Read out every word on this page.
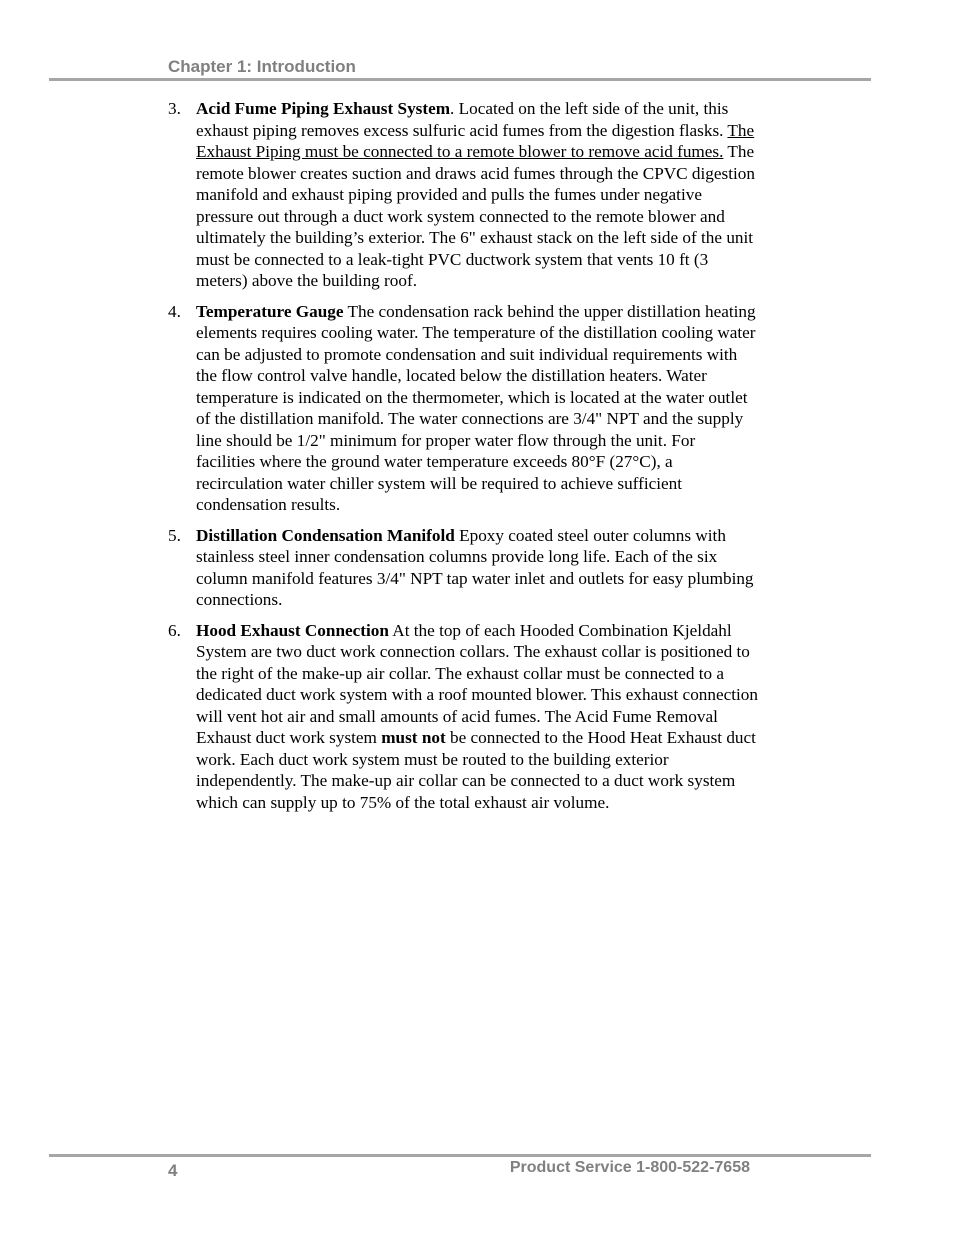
Chapter 1: Introduction
3. Acid Fume Piping Exhaust System. Located on the left side of the unit, this exhaust piping removes excess sulfuric acid fumes from the digestion flasks. The Exhaust Piping must be connected to a remote blower to remove acid fumes. The remote blower creates suction and draws acid fumes through the CPVC digestion manifold and exhaust piping provided and pulls the fumes under negative pressure out through a duct work system connected to the remote blower and ultimately the building’s exterior. The 6" exhaust stack on the left side of the unit must be connected to a leak-tight PVC ductwork system that vents 10 ft (3 meters) above the building roof.
4. Temperature Gauge The condensation rack behind the upper distillation heating elements requires cooling water. The temperature of the distillation cooling water can be adjusted to promote condensation and suit individual requirements with the flow control valve handle, located below the distillation heaters. Water temperature is indicated on the thermometer, which is located at the water outlet of the distillation manifold. The water connections are 3/4" NPT and the supply line should be 1/2" minimum for proper water flow through the unit. For facilities where the ground water temperature exceeds 80°F (27°C), a recirculation water chiller system will be required to achieve sufficient condensation results.
5. Distillation Condensation Manifold Epoxy coated steel outer columns with stainless steel inner condensation columns provide long life. Each of the six column manifold features 3/4" NPT tap water inlet and outlets for easy plumbing connections.
6. Hood Exhaust Connection At the top of each Hooded Combination Kjeldahl System are two duct work connection collars. The exhaust collar is positioned to the right of the make-up air collar. The exhaust collar must be connected to a dedicated duct work system with a roof mounted blower. This exhaust connection will vent hot air and small amounts of acid fumes. The Acid Fume Removal Exhaust duct work system must not be connected to the Hood Heat Exhaust duct work. Each duct work system must be routed to the building exterior independently. The make-up air collar can be connected to a duct work system which can supply up to 75% of the total exhaust air volume.
4	Product Service 1-800-522-7658
